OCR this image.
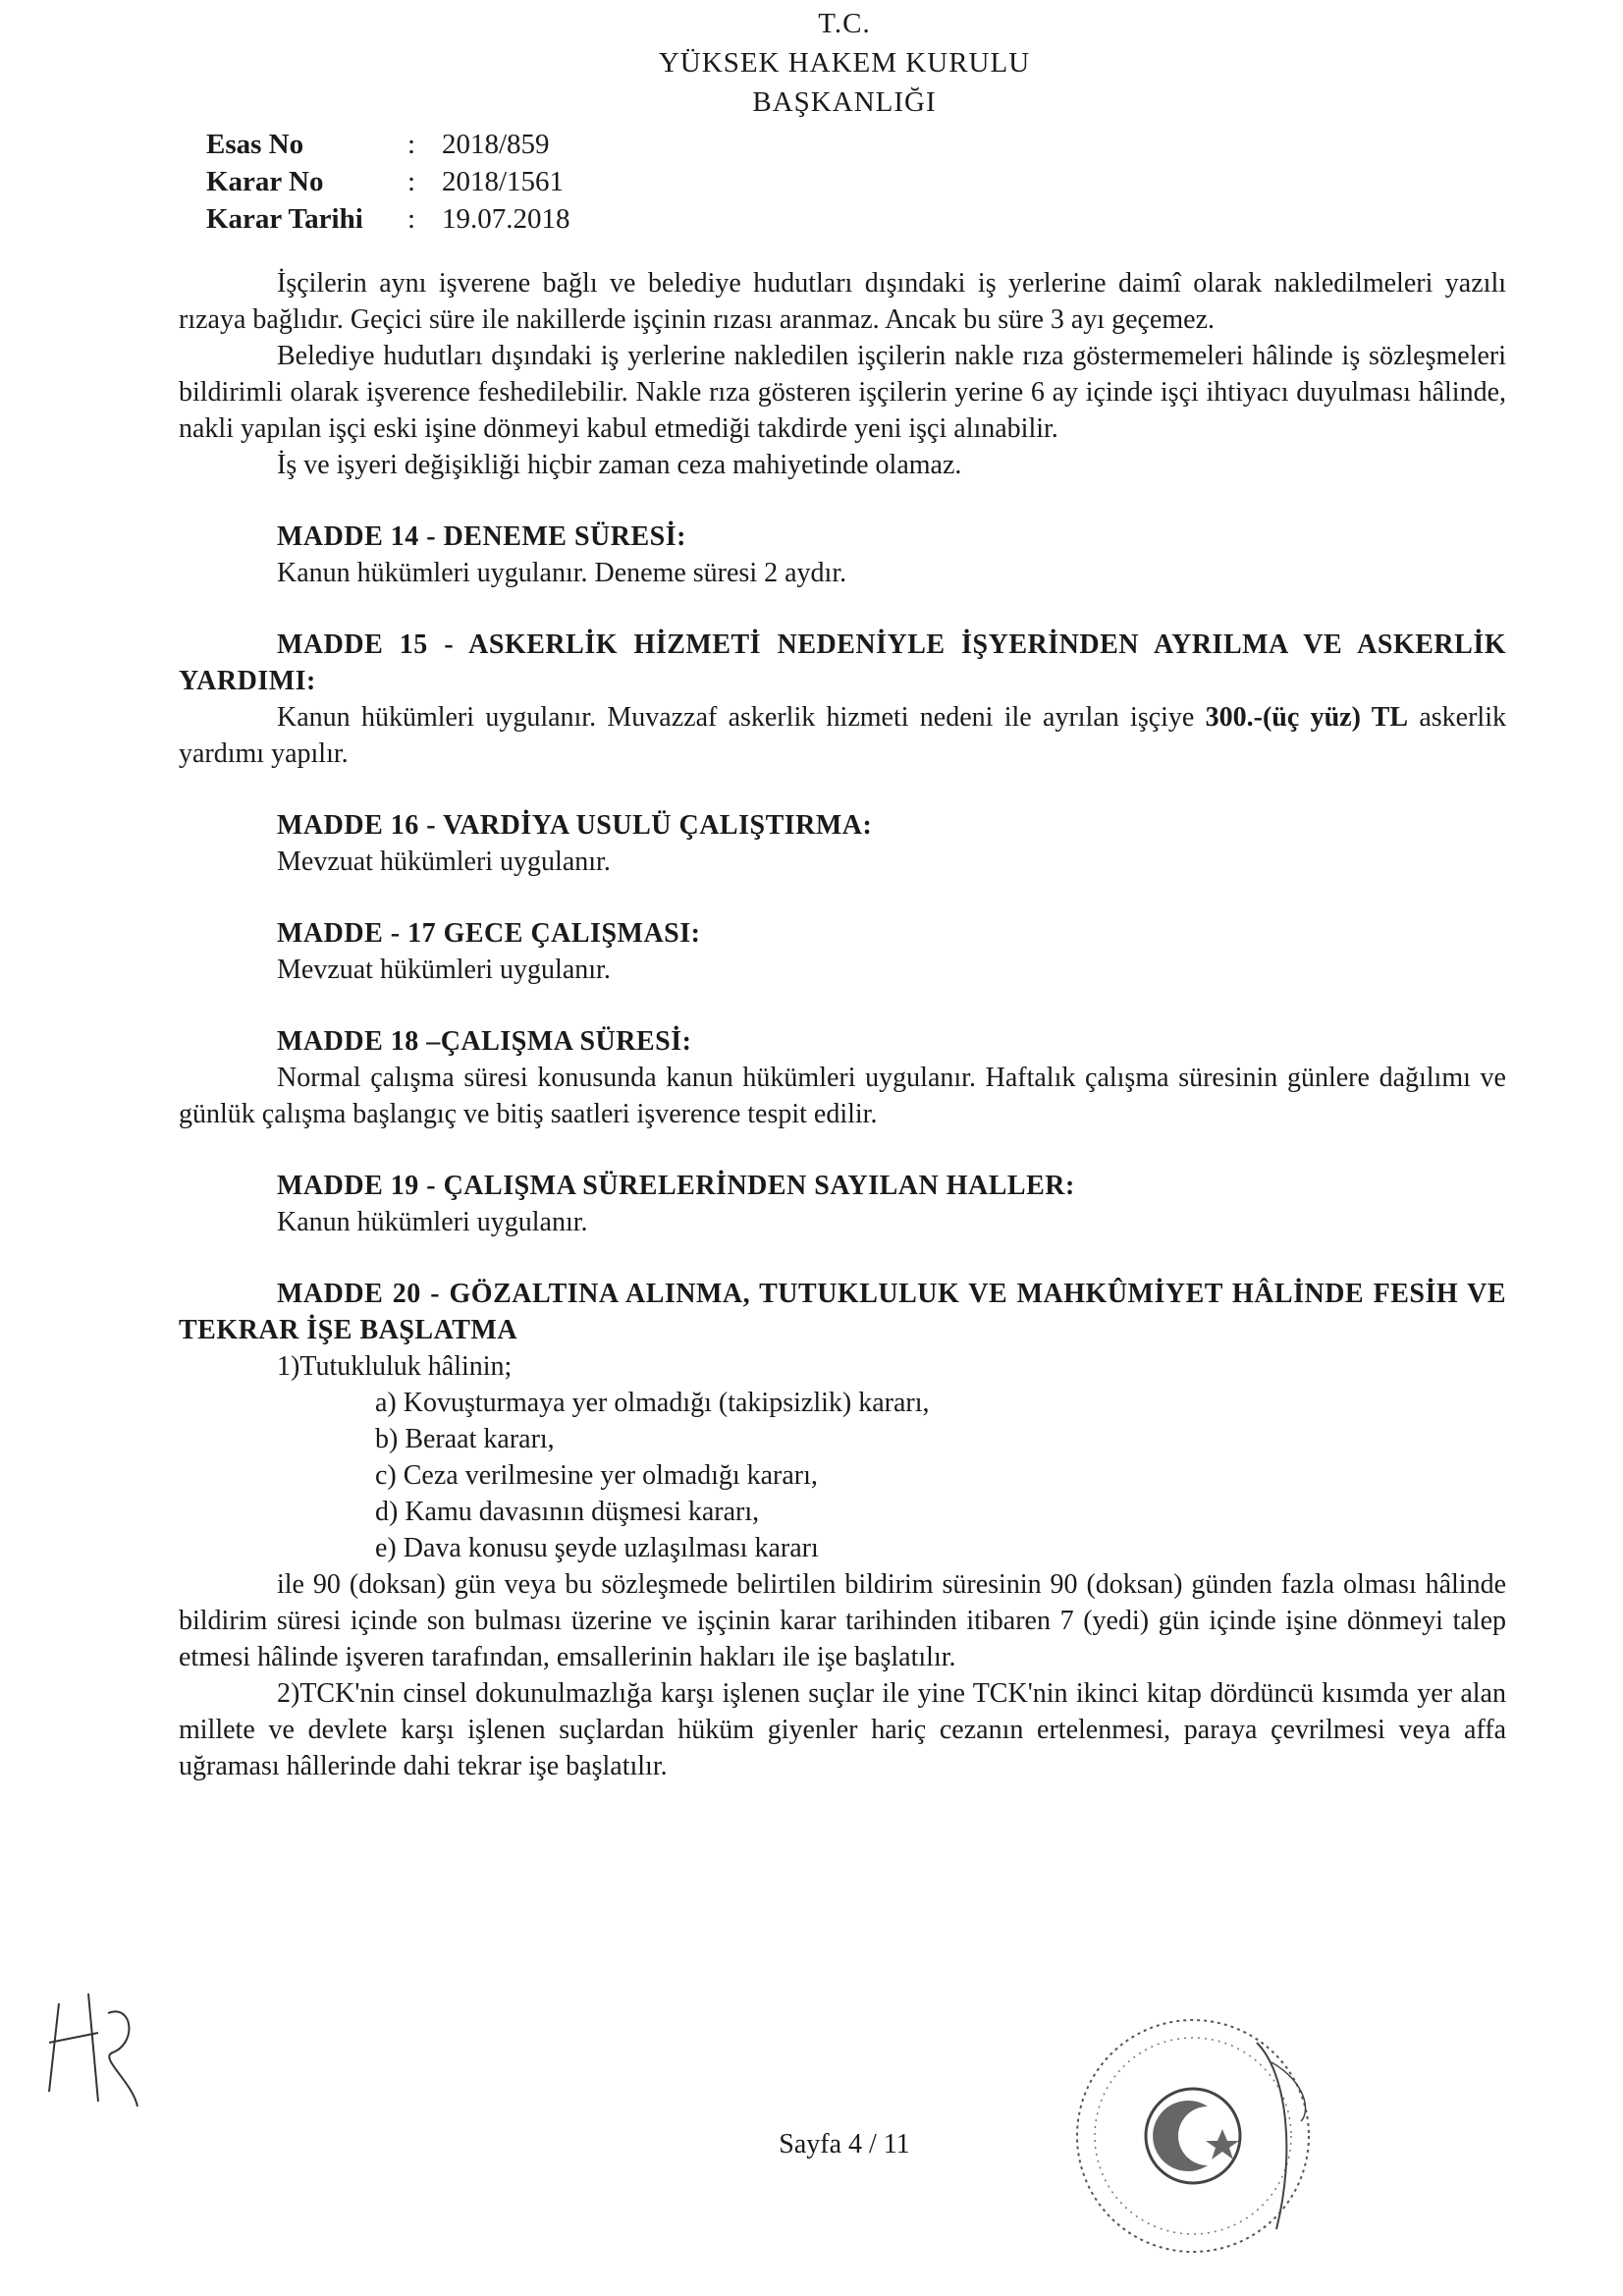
T.C.
YÜKSEK HAKEM KURULU
BAŞKANLIĞI
Esas No	: 2018/859
Karar No	: 2018/1561
Karar Tarihi	: 19.07.2018

İşçilerin aynı işverene bağlı ve belediye hudutları dışındaki iş yerlerine daimî olarak nakledilmeleri yazılı rızaya bağlıdır. Geçici süre ile nakillerde işçinin rızası aranmaz. Ancak bu süre 3 ayı geçemez.

Belediye hudutları dışındaki iş yerlerine nakledilen işçilerin nakle rıza göstermemeleri hâlinde iş sözleşmeleri bildirimli olarak işverence feshedilebilir. Nakle rıza gösteren işçilerin yerine 6 ay içinde işçi ihtiyacı duyulması hâlinde, nakli yapılan işçi eski işine dönmeyi kabul etmediği takdirde yeni işçi alınabilir.

İş ve işyeri değişikliği hiçbir zaman ceza mahiyetinde olamaz.

MADDE 14 - DENEME SÜRESİ:

Kanun hükümleri uygulanır. Deneme süresi 2 aydır.

MADDE 15 - ASKERLİK HİZMETİ NEDENİYLE İŞYERİNDEN AYRILMA VE ASKERLİK YARDIMI:

Kanun hükümleri uygulanır. Muvazzaf askerlik hizmeti nedeni ile ayrılan işçiye 300.-(üç yüz) TL askerlik yardımı yapılır.

MADDE 16 - VARDİYA USULÜ ÇALIŞTIRMA:

Mevzuat hükümleri uygulanır.

MADDE - 17 GECE ÇALIŞMASI:

Mevzuat hükümleri uygulanır.

MADDE 18 –ÇALIŞMA SÜRESİ:

Normal çalışma süresi konusunda kanun hükümleri uygulanır. Haftalık çalışma süresinin günlere dağılımı ve günlük çalışma başlangıç ve bitiş saatleri işverence tespit edilir.

MADDE 19 - ÇALIŞMA SÜRELERİNDEN SAYILAN HALLER:

Kanun hükümleri uygulanır.

MADDE 20 - GÖZALTINA ALINMA, TUTUKLULUK VE MAHKÛMİYET HÂLİNDE FESİH VE TEKRAR İŞE BAŞLATMA

1)Tutukluluk hâlinin;

a) Kovuşturmaya yer olmadığı (takipsizlik) kararı,

b) Beraat kararı,

c) Ceza verilmesine yer olmadığı kararı,

d) Kamu davasının düşmesi kararı,

e) Dava konusu şeyde uzlaşılması kararı

ile 90 (doksan) gün veya bu sözleşmede belirtilen bildirim süresinin 90 (doksan) günden fazla olması hâlinde bildirim süresi içinde son bulması üzerine ve işçinin karar tarihinden itibaren 7 (yedi) gün içinde işine dönmeyi talep etmesi hâlinde işveren tarafından, emsallerinin hakları ile işe başlatılır.

2)TCK'nin cinsel dokunulmazlığa karşı işlenen suçlar ile yine TCK'nin ikinci kitap dördüncü kısımda yer alan millete ve devlete karşı işlenen suçlardan hüküm giyenler hariç cezanın ertelenmesi, paraya çevrilmesi veya affa uğraması hâllerinde dahi tekrar işe başlatılır.

Sayfa 4 / 11
